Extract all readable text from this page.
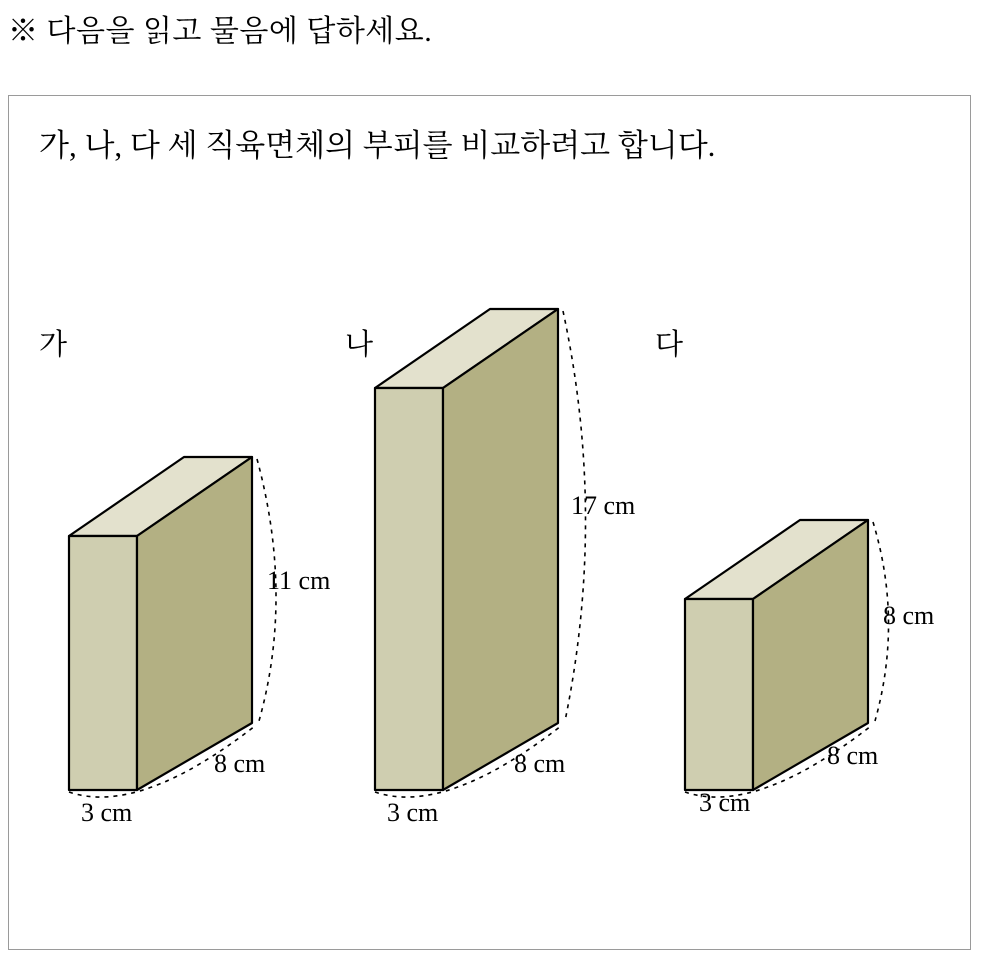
※ 다음을 읽고 물음에 답하세요.
가, 나, 다 세 직육면체의 부피를 비교하려고 합니다.
가
11 cm
8 cm
3 cm
나
17 cm
8 cm
3 cm
다
8 cm
8 cm
3 cm
